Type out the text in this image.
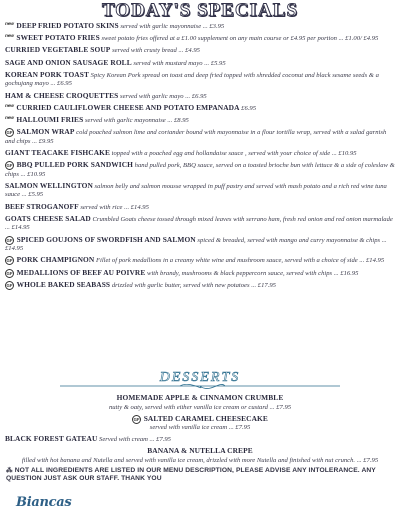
TODAY'S SPECIALS
new DEEP FRIED POTATO SKINS served with garlic mayonnaise ... £3.95
new SWEET POTATO FRIES sweet potato fries offered at a £1.00 supplement on any main course or £4.95 per portion ... £1.00/ £4.95
CURRIED VEGETABLE SOUP served with crusty bread ... £4.95
SAGE AND ONION SAUSAGE ROLL served with mustard mayo ... £5.95
KOREAN PORK TOAST Spicy Korean Pork spread on toast and deep fried topped with shredded coconut and black sesame seeds & a gochujang mayo ... £6.95
HAM & CHEESE CROQUETTES served with garlic mayo ... £6.95
new CURRIED CAULIFLOWER CHEESE AND POTATO EMPANADA £6.95
new HALLOUMI FRIES served with garlic mayonnaise ... £8.95
GF SALMON WRAP cold poached salmon lime and coriander bound with mayonnaise in a flour tortilla wrap, served with a salad garnish and chips ... £9.95
GIANT TEACAKE FISHCAKE topped with a poached egg and hollandaise sauce , served with your choice of side ... £10.95
GF BBQ PULLED PORK SANDWICH hand pulled pork, BBQ sauce, served on a toasted brioche bun with lettuce & a side of coleslaw & chips ... £10.95
SALMON WELLINGTON salmon belly and salmon mousse wrapped in puff pastry and served with mash potato and a rich red wine tuna sauce ... £5.95
BEEF STROGANOFF served with rice ... £14.95
GOATS CHEESE SALAD Crumbled Goats cheese tossed through mixed leaves with serrano ham, fresh red onion and red onion marmalade ... £14.95
GF SPICED GOUJONS OF SWORDFISH AND SALMON spiced & breaded, served with mango and curry mayonnaise & chips ... £14.95
GF PORK CHAMPIGNON Fillet of pork medallions in a creamy white wine and mushroom sauce, served with a choice of side ... £14.95
GF MEDALLIONS OF BEEF AU POIVRE with brandy, mushrooms & black peppercorn sauce, served with chips ... £16.95
GF WHOLE BAKED SEABASS drizzled with garlic butter, served with new potatoes ... £17.95
DESSERTS
HOMEMADE APPLE & CINNAMON CRUMBLE
nutty & oaty, served with either vanilla ice cream or custard ... £7.95
GF SALTED CARAMEL CHEESECAKE
served with vanilla ice cream ... £7.95
BLACK FOREST GATEAU Served with cream ... £7.95
BANANA & NUTELLA CREPE
filled with hot banana and Nutella and served with vanilla ice cream, drizzled with more Nutella and finished with nut crunch. ... £7.95
⁂ NOT ALL INGREDIENTS ARE LISTED IN OUR MENU DESCRIPTION, PLEASE ADVISE ANY INTOLERANCE. ANY QUESTION JUST ASK OUR STAFF. THANK YOU
Biancas
